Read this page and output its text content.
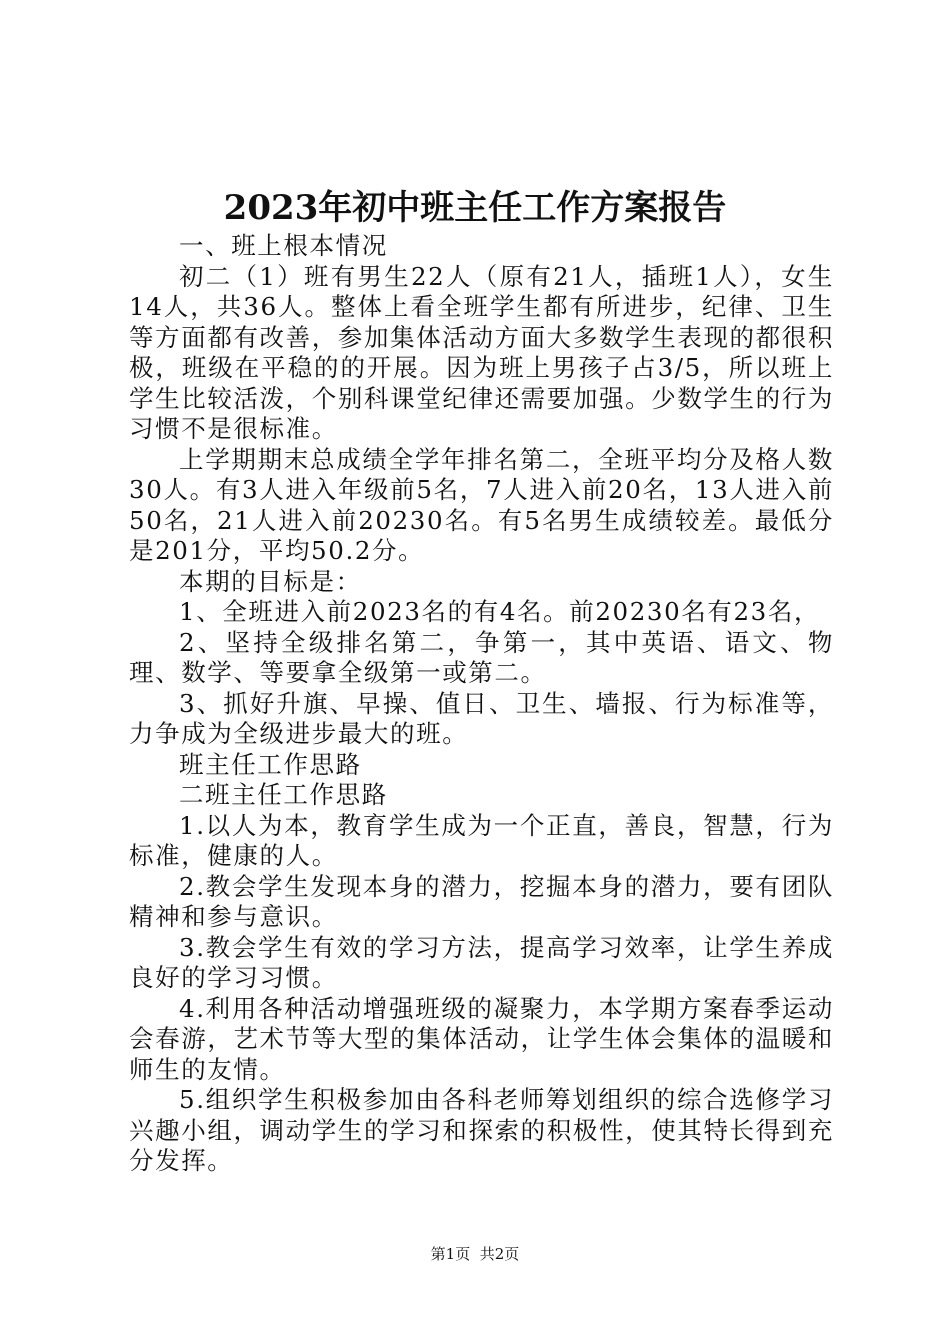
2023年初中班主任工作方案报告

一、班上根本情况

初二（1）班有男生22人（原有21人，插班1人），女生14人，共36人。整体上看全班学生都有所进步，纪律、卫生等方面都有改善，参加集体活动方面大多数学生表现的都很积极，班级在平稳的的开展。因为班上男孩子占3/5，所以班上学生比较活泼，个别科课堂纪律还需要加强。少数学生的行为习惯不是很标准。

上学期期末总成绩全学年排名第二，全班平均分及格人数30人。有3人进入年级前5名，7人进入前20名，13人进入前50名，21人进入前20230名。有5名男生成绩较差。最低分是201分，平均50.2分。

本期的目标是：

1、全班进入前2023名的有4名。前20230名有23名，

2、坚持全级排名第二，争第一，其中英语、语文、物理、数学、等要拿全级第一或第二。

3、抓好升旗、早操、值日、卫生、墙报、行为标准等，力争成为全级进步最大的班。

班主任工作思路

二班主任工作思路

1.以人为本，教育学生成为一个正直，善良，智慧，行为标准，健康的人。

2.教会学生发现本身的潜力，挖掘本身的潜力，要有团队精神和参与意识。

3.教会学生有效的学习方法，提高学习效率，让学生养成良好的学习习惯。

4.利用各种活动增强班级的凝聚力，本学期方案春季运动会春游，艺术节等大型的集体活动，让学生体会集体的温暖和师生的友情。

5.组织学生积极参加由各科老师筹划组织的综合选修学习兴趣小组，调动学生的学习和探索的积极性，使其特长得到充分发挥。

第1页 共2页
